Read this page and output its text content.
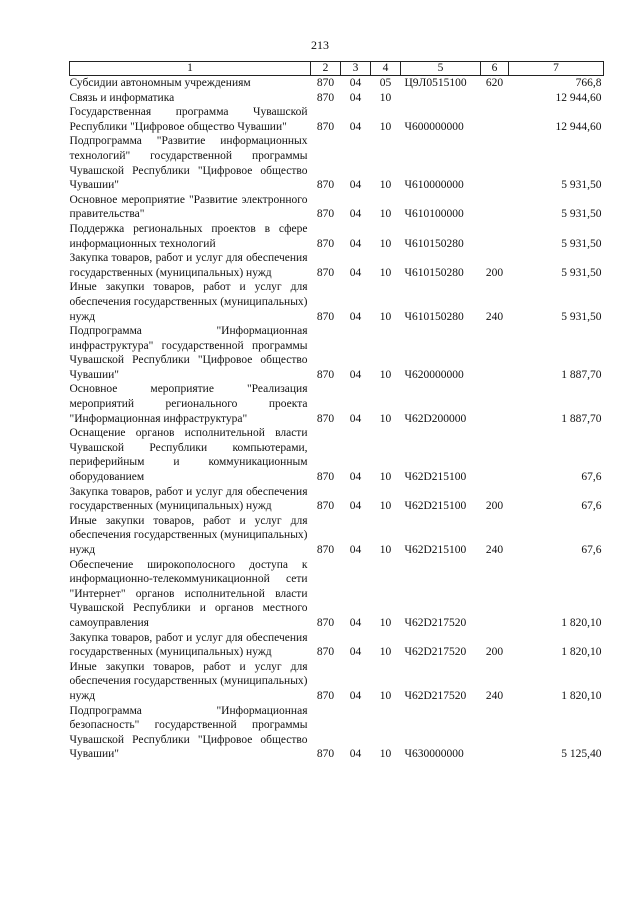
213
1	2	3	4	5	6	7
Субсидии автономным учреждениям	870	04	05	Ц9Л0515100	620	766,8
Связь и информатика	870	04	10			12 944,60
Государственная программа Чувашской Республики "Цифровое общество Чувашии"	870	04	10	Ч600000000		12 944,60
Подпрограмма "Развитие информационных технологий" государственной программы Чувашской Республики "Цифровое общество Чувашии"	870	04	10	Ч610000000		5 931,50
Основное мероприятие "Развитие электронного правительства"	870	04	10	Ч610100000		5 931,50
Поддержка региональных проектов в сфере информационных технологий	870	04	10	Ч610150280		5 931,50
Закупка товаров, работ и услуг для обеспечения государственных (муниципальных) нужд	870	04	10	Ч610150280	200	5 931,50
Иные закупки товаров, работ и услуг для обеспечения государственных (муниципальных) нужд	870	04	10	Ч610150280	240	5 931,50
Подпрограмма "Информационная инфраструктура" государственной программы Чувашской Республики "Цифровое общество Чувашии"	870	04	10	Ч620000000		1 887,70
Основное мероприятие "Реализация мероприятий регионального проекта "Информационная инфраструктура"	870	04	10	Ч62D200000		1 887,70
Оснащение органов исполнительной власти Чувашской Республики компьютерами, периферийным и коммуникационным оборудованием	870	04	10	Ч62D215100		67,6
Закупка товаров, работ и услуг для обеспечения государственных (муниципальных) нужд	870	04	10	Ч62D215100	200	67,6
Иные закупки товаров, работ и услуг для обеспечения государственных (муниципальных) нужд	870	04	10	Ч62D215100	240	67,6
Обеспечение широкополосного доступа к информационно-телекоммуникационной сети "Интернет" органов исполнительной власти Чувашской Республики и органов местного самоуправления	870	04	10	Ч62D217520		1 820,10
Закупка товаров, работ и услуг для обеспечения государственных (муниципальных) нужд	870	04	10	Ч62D217520	200	1 820,10
Иные закупки товаров, работ и услуг для обеспечения государственных (муниципальных) нужд	870	04	10	Ч62D217520	240	1 820,10
Подпрограмма "Информационная безопасность" государственной программы Чувашской Республики "Цифровое общество Чувашии"	870	04	10	Ч630000000		5 125,40
